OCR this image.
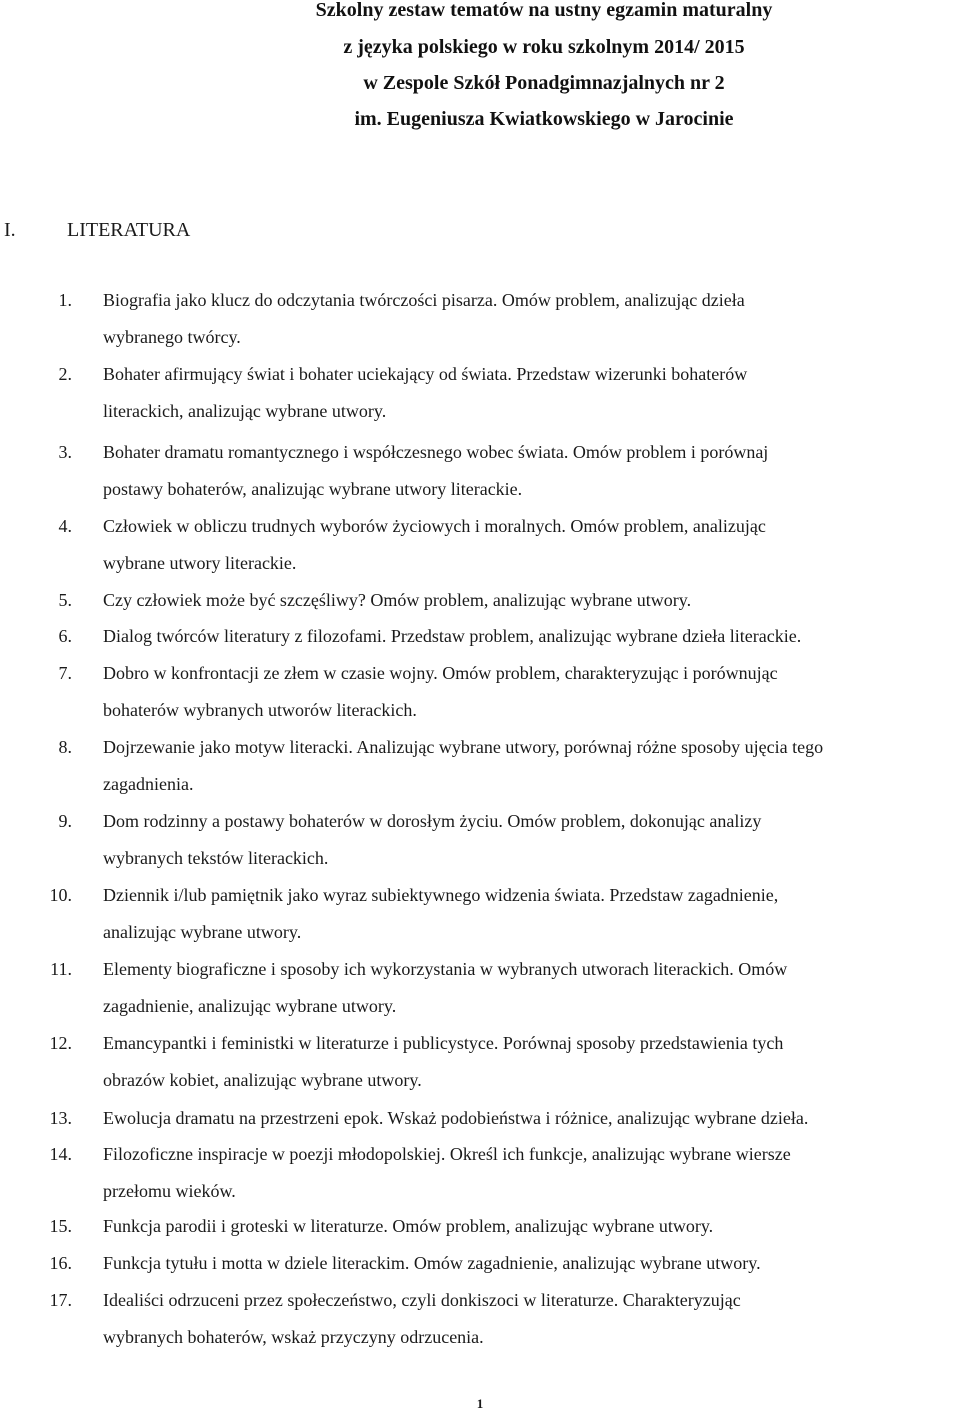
Szkolny zestaw tematów na ustny egzamin maturalny
z języka polskiego w roku szkolnym 2014/ 2015
w Zespole Szkół Ponadgimnazjalnych nr 2
im. Eugeniusza Kwiatkowskiego w Jarocinie
I.	LITERATURA
1. Biografia jako klucz do odczytania twórczości pisarza. Omów problem, analizując dzieła
wybranego twórcy.
2. Bohater afirmujący świat i bohater uciekający od świata. Przedstaw wizerunki bohaterów
literackich, analizując wybrane utwory.
3. Bohater dramatu romantycznego i współczesnego wobec świata. Omów problem i porównaj
postawy bohaterów, analizując wybrane utwory literackie.
4. Człowiek w obliczu trudnych wyborów życiowych i moralnych. Omów problem, analizując
wybrane utwory literackie.
5. Czy człowiek może być szczęśliwy? Omów problem, analizując wybrane utwory.
6. Dialog twórców literatury z filozofami. Przedstaw problem, analizując wybrane dzieła literackie.
7. Dobro w konfrontacji ze złem w czasie wojny. Omów problem, charakteryzując i porównując
bohaterów wybranych utworów literackich.
8. Dojrzewanie jako motyw literacki. Analizując wybrane utwory, porównaj różne sposoby ujęcia tego
zagadnienia.
9. Dom rodzinny a postawy bohaterów w dorosłym życiu. Omów problem, dokonując analizy
wybranych tekstów literackich.
10. Dziennik i/lub pamiętnik jako wyraz subiektywnego widzenia świata. Przedstaw zagadnienie,
analizując wybrane utwory.
11. Elementy biograficzne i sposoby ich wykorzystania w wybranych utworach literackich. Omów
zagadnienie, analizując wybrane utwory.
12. Emancypantki i feministki w literaturze i publicystyce. Porównaj sposoby przedstawienia tych
obrazów kobiet, analizując wybrane utwory.
13. Ewolucja dramatu na przestrzeni epok. Wskaż podobieństwa i różnice, analizując wybrane dzieła.
14. Filozoficzne inspiracje w poezji młodopolskiej. Określ ich funkcje, analizując wybrane wiersze
przełomu wieków.
15. Funkcja parodii i groteski w literaturze. Omów problem, analizując wybrane utwory.
16. Funkcja tytułu i motta w dziele literackim. Omów zagadnienie, analizując wybrane utwory.
17. Idealiści odrzuceni przez społeczeństwo, czyli donkiszoci w literaturze. Charakteryzując
wybranych bohaterów, wskaż przyczyny odrzucenia.
1
